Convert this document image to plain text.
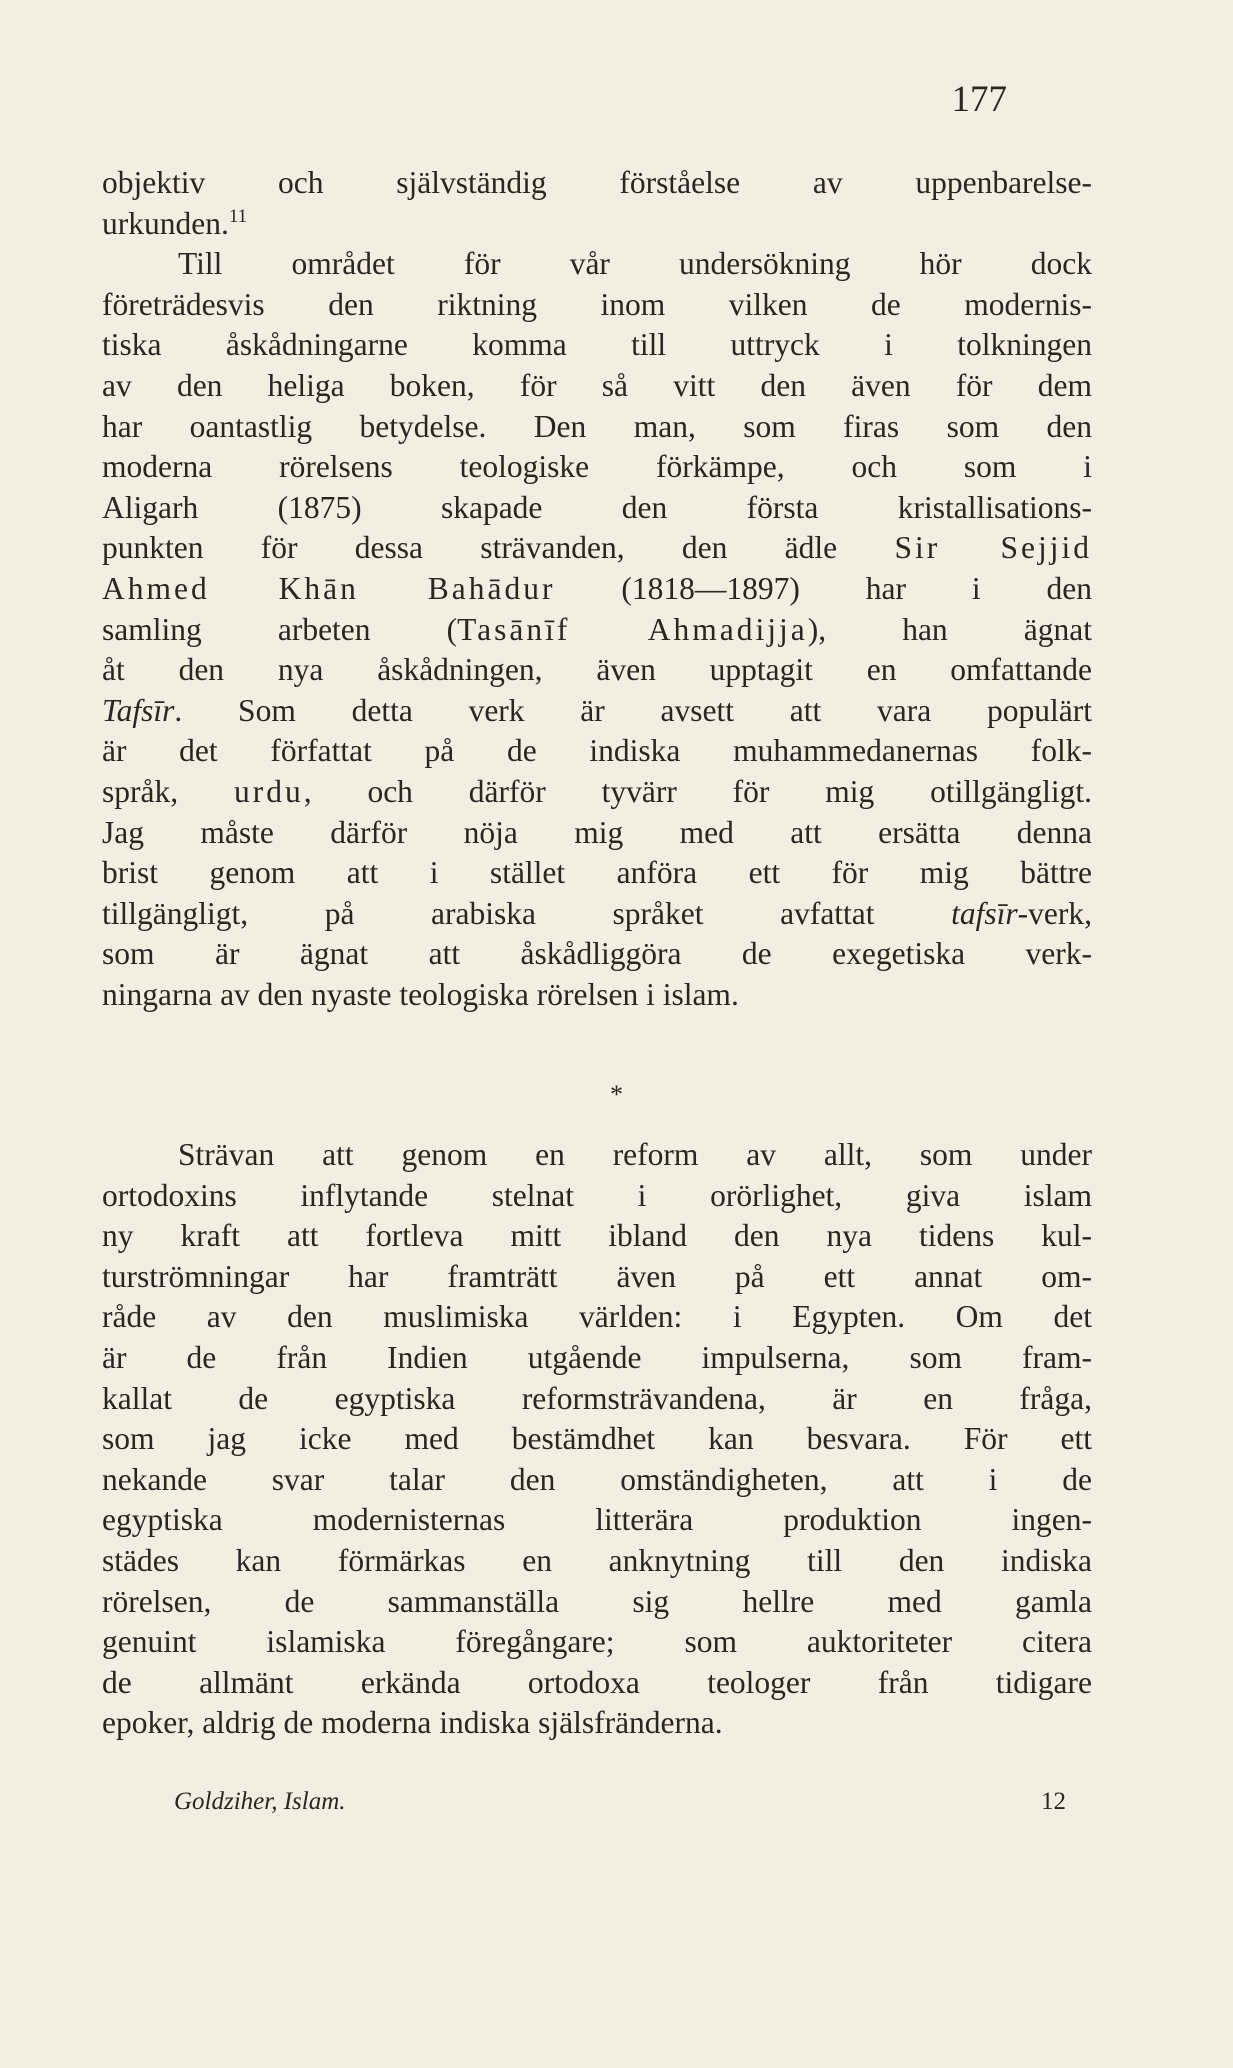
177
objektiv och självständig förståelse av uppenbarelse-
urkunden.$^{11}$
Till området för vår undersökning hör dock
företrädesvis den riktning inom vilken de modernis-
tiska åskådningarne komma till uttryck i tolkningen
av den heliga boken, för så vitt den även för dem
har oantastlig betydelse. Den man, som firas som den
moderna rörelsens teologiske förkämpe, och som i
Aligarh (1875) skapade den första kristallisations-
punkten för dessa strävanden, den ädle Sir Sejjid
Ahmed Khān Bahādur (1818—1897) har i den
samling arbeten (Tasānīf Ahmadijja), han ägnat
åt den nya åskådningen, även upptagit en omfattande
Tafsīr. Som detta verk är avsett att vara populärt
är det författat på de indiska muhammedanernas folk-
språk, urdu, och därför tyvärr för mig otillgängligt.
Jag måste därför nöja mig med att ersätta denna
brist genom att i stället anföra ett för mig bättre
tillgängligt, på arabiska språket avfattat tafsīr-verk,
som är ägnat att åskådliggöra de exegetiska verk-
ningarna av den nyaste teologiska rörelsen i islam.
*
Strävan att genom en reform av allt, som under
ortodoxins inflytande stelnat i orörlighet, giva islam
ny kraft att fortleva mitt ibland den nya tidens kul-
turströmningar har framträtt även på ett annat om-
råde av den muslimiska världen: i Egypten. Om det
är de från Indien utgående impulserna, som fram-
kallat de egyptiska reformsträvandena, är en fråga,
som jag icke med bestämdhet kan besvara. För ett
nekande svar talar den omständigheten, att i de
egyptiska modernisternas litterära produktion ingen-
städes kan förmärkas en anknytning till den indiska
rörelsen, de sammanställa sig hellre med gamla
genuint islamiska föregångare; som auktoriteter citera
de allmänt erkända ortodoxa teologer från tidigare
epoker, aldrig de moderna indiska själsfränderna.
Goldziher, Islam.	12
